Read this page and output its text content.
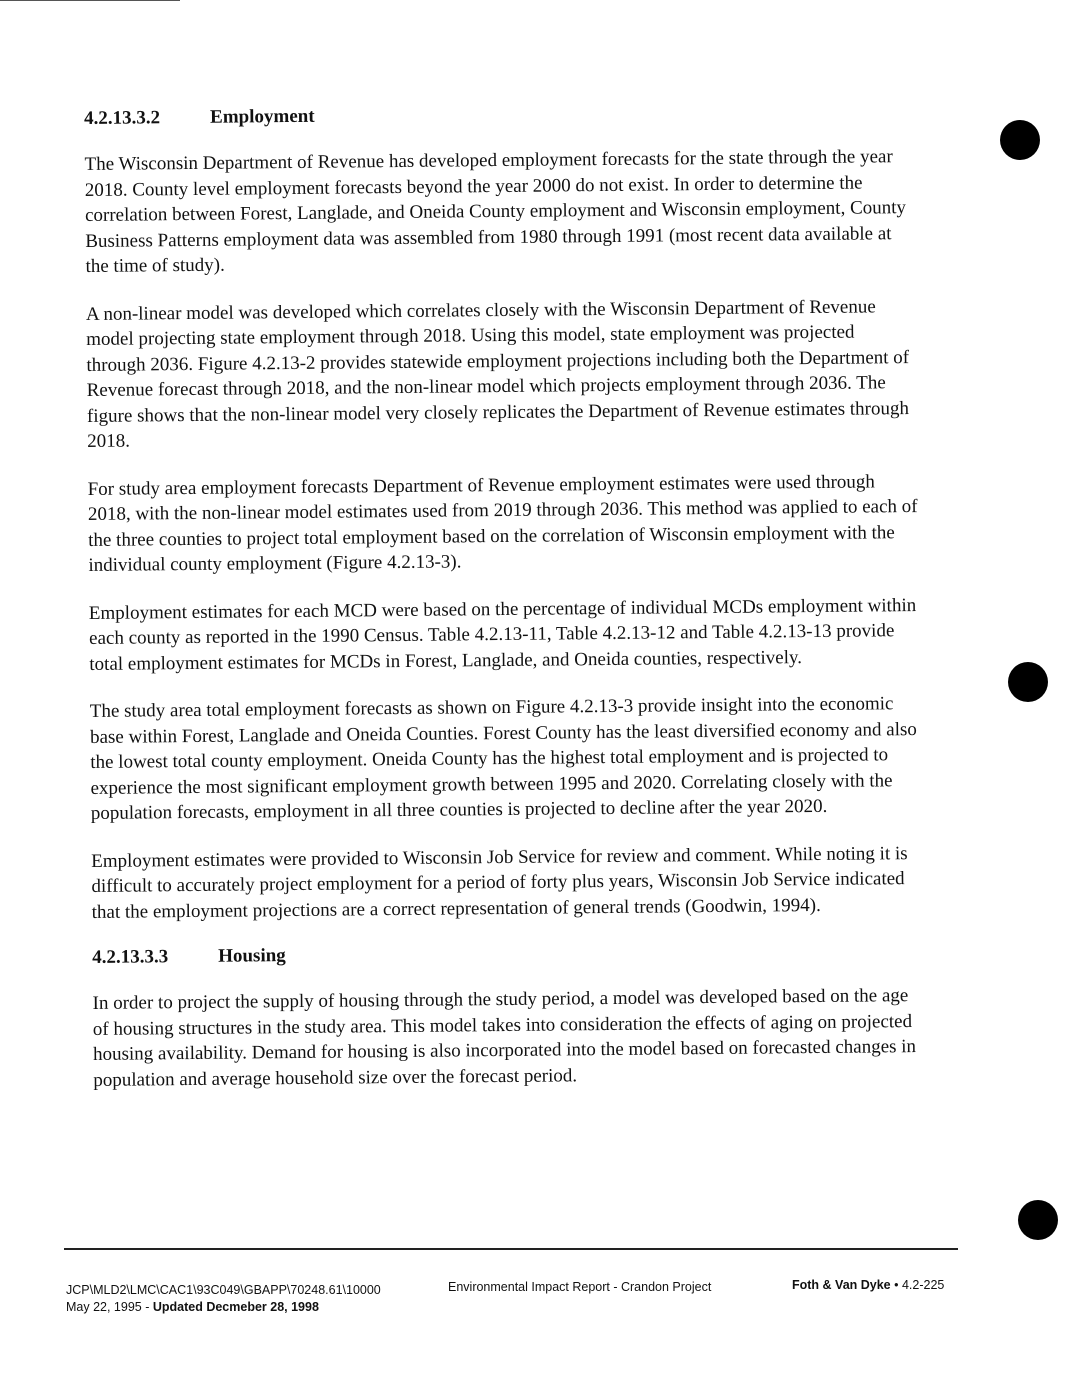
4.2.13.3.2	Employment

The Wisconsin Department of Revenue has developed employment forecasts for the state through the year 2018. County level employment forecasts beyond the year 2000 do not exist. In order to determine the correlation between Forest, Langlade, and Oneida County employment and Wisconsin employment, County Business Patterns employment data was assembled from 1980 through 1991 (most recent data available at the time of study).

A non-linear model was developed which correlates closely with the Wisconsin Department of Revenue model projecting state employment through 2018. Using this model, state employment was projected through 2036. Figure 4.2.13-2 provides statewide employment projections including both the Department of Revenue forecast through 2018, and the non-linear model which projects employment through 2036. The figure shows that the non-linear model very closely replicates the Department of Revenue estimates through 2018.

For study area employment forecasts Department of Revenue employment estimates were used through 2018, with the non-linear model estimates used from 2019 through 2036. This method was applied to each of the three counties to project total employment based on the correlation of Wisconsin employment with the individual county employment (Figure 4.2.13-3).

Employment estimates for each MCD were based on the percentage of individual MCDs employment within each county as reported in the 1990 Census. Table 4.2.13-11, Table 4.2.13-12 and Table 4.2.13-13 provide total employment estimates for MCDs in Forest, Langlade, and Oneida counties, respectively.

The study area total employment forecasts as shown on Figure 4.2.13-3 provide insight into the economic base within Forest, Langlade and Oneida Counties. Forest County has the least diversified economy and also the lowest total county employment. Oneida County has the highest total employment and is projected to experience the most significant employment growth between 1995 and 2020. Correlating closely with the population forecasts, employment in all three counties is projected to decline after the year 2020.

Employment estimates were provided to Wisconsin Job Service for review and comment. While noting it is difficult to accurately project employment for a period of forty plus years, Wisconsin Job Service indicated that the employment projections are a correct representation of general trends (Goodwin, 1994).

4.2.13.3.3	Housing

In order to project the supply of housing through the study period, a model was developed based on the age of housing structures in the study area. This model takes into consideration the effects of aging on projected housing availability. Demand for housing is also incorporated into the model based on forecasted changes in population and average household size over the forecast period.

JCP\MLD2\LMC\CAC1\93C049\GBAPP\70248.61\10000
May 22, 1995 - Updated Decmeber 28, 1998
Environmental Impact Report - Crandon Project	Foth & Van Dyke • 4.2-225
